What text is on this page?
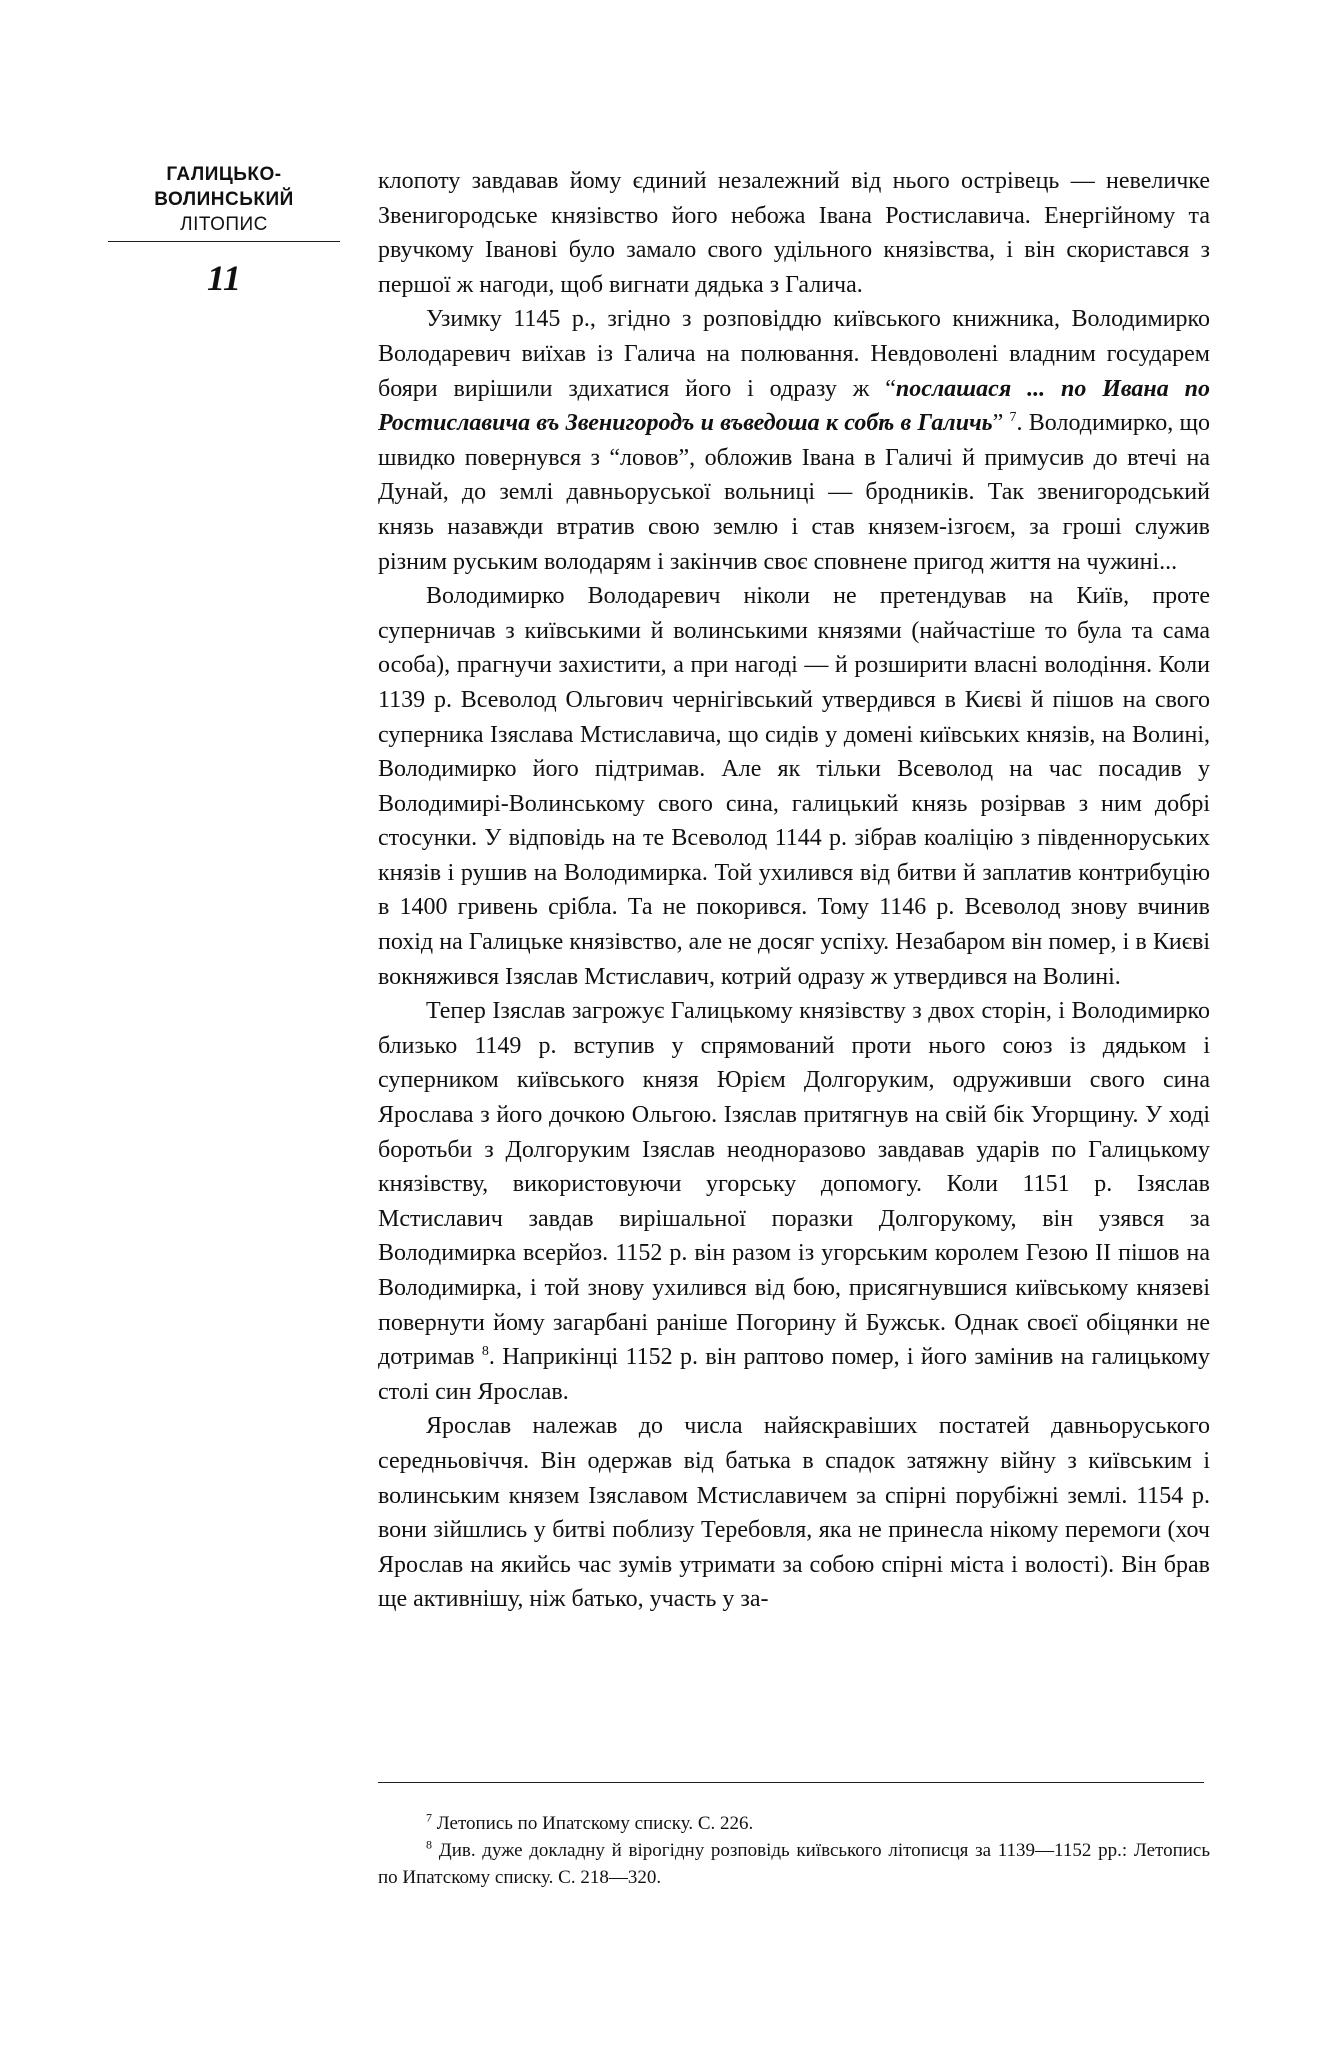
ГАЛИЦЬКО-
ВОЛИНСЬКИЙ
ЛІТОПИС
11

клопоту завдавав йому єдиний незалежний від нього острівець — невеличке Звенигородське князівство його небожа Івана Ростиславича. Енергійному та рвучкому Іванові було замало свого удільного князівства, і він скористався з першої ж нагоди, щоб вигнати дядька з Галича.

Узимку 1145 р., згідно з розповіддю київського книжника, Володимирко Володаревич виїхав із Галича на полювання. Невдоволені владним государем бояри вирішили здихатися його і одразу ж “послашася ... по Ивана по Ростиславича въ Звенигородъ и въведоша к собѣ в Галичь” $^7$. Володимирко, що швидко повернувся з “ловов”, обложив Івана в Галичі й примусив до втечі на Дунай, до землі давньоруської вольниці — бродників. Так звенигородський князь назавжди втратив свою землю і став князем-ізгоєм, за гроші служив різним руським володарям і закінчив своє сповнене пригод життя на чужині...

Володимирко Володаревич ніколи не претендував на Київ, проте суперничав з київськими й волинськими князями (найчастіше то була та сама особа), прагнучи захистити, а при нагоді — й розширити власні володіння. Коли 1139 р. Всеволод Ольгович чернігівський утвердився в Києві й пішов на свого суперника Ізяслава Мстиславича, що сидів у домені київських князів, на Волині, Володимирко його підтримав. Але як тільки Всеволод на час посадив у Володимирі-Волинському свого сина, галицький князь розірвав з ним добрі стосунки. У відповідь на те Всеволод 1144 р. зібрав коаліцію з південноруських князів і рушив на Володимирка. Той ухилився від битви й заплатив контрибуцію в 1400 гривень срібла. Та не покорився. Тому 1146 р. Всеволод знову вчинив похід на Галицьке князівство, але не досяг успіху. Незабаром він помер, і в Києві вокняжився Ізяслав Мстиславич, котрий одразу ж утвердився на Волині.

Тепер Ізяслав загрожує Галицькому князівству з двох сторін, і Володимирко близько 1149 р. вступив у спрямований проти нього союз із дядьком і суперником київського князя Юрієм Долгоруким, одруживши свого сина Ярослава з його дочкою Ольгою. Ізяслав притягнув на свій бік Угорщину. У ході боротьби з Долгоруким Ізяслав неодноразово завдавав ударів по Галицькому князівству, використовуючи угорську допомогу. Коли 1151 р. Ізяслав Мстиславич завдав вирішальної поразки Долгорукому, він узявся за Володимирка всерйоз. 1152 р. він разом із угорським королем Гезою II пішов на Володимирка, і той знову ухилився від бою, присягнувшися київському князеві повернути йому загарбані раніше Погорину й Бужськ. Однак своєї обіцянки не дотримав $^8$. Наприкінці 1152 р. він раптово помер, і його замінив на галицькому столі син Ярослав.

Ярослав належав до числа найяскравіших постатей давньоруського середньовіччя. Він одержав від батька в спадок затяжну війну з київським і волинським князем Ізяславом Мстиславичем за спірні порубіжні землі. 1154 р. вони зійшлись у битві поблизу Теребовля, яка не принесла нікому перемоги (хоч Ярослав на якийсь час зумів утримати за собою спірні міста і волості). Він брав ще активнішу, ніж батько, участь у за-

$^7$ Летопись по Ипатскому списку. С. 226.

$^8$ Див. дуже докладну й вірогідну розповідь київського літописця за 1139—1152 рр.: Летопись по Ипатскому списку. С. 218—320.
